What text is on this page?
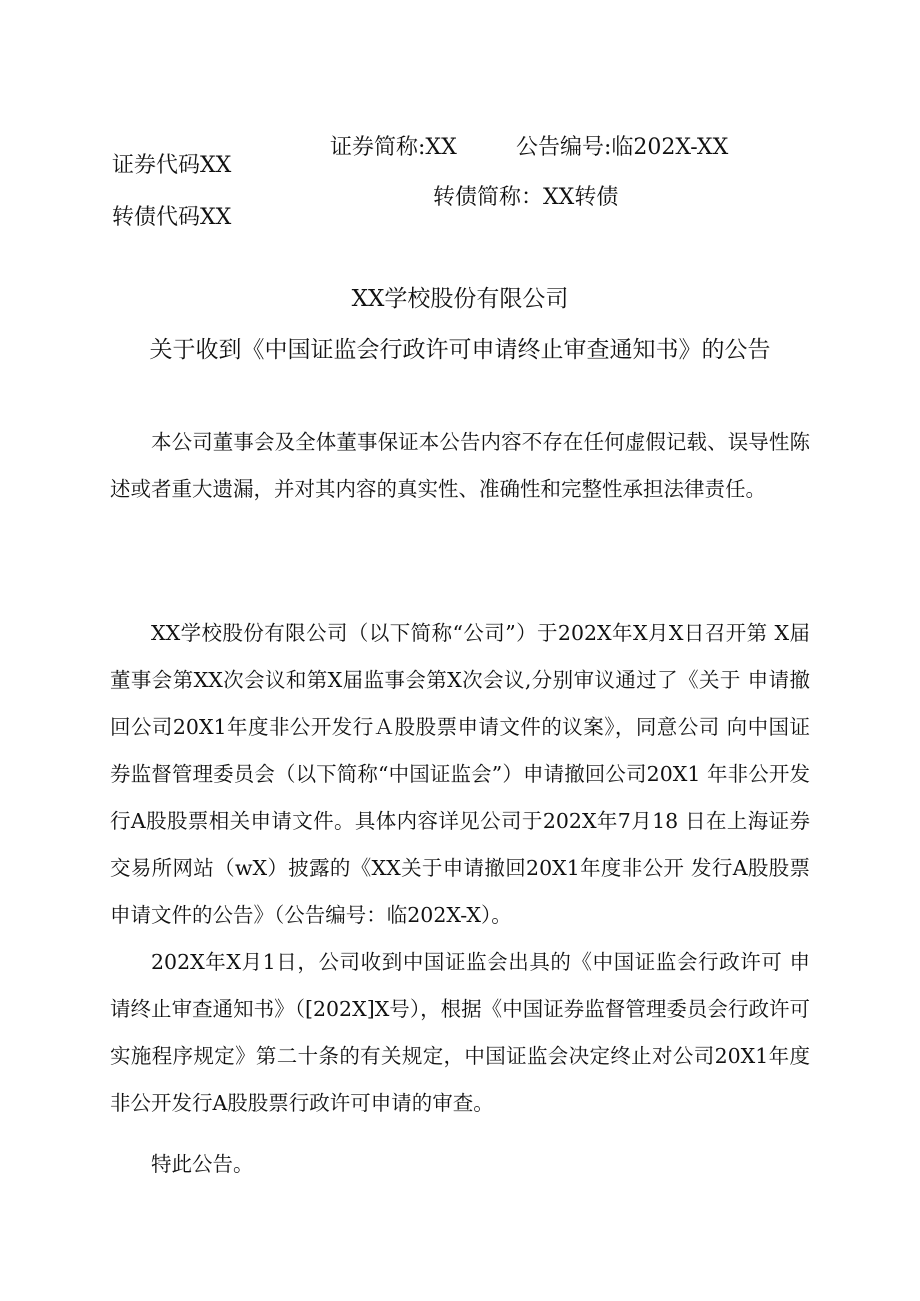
证券代码XX
转债代码XX
证券简称:XX	公告编号:临202X-XX
转债简称：XX转债
XX学校股份有限公司
关于收到《中国证监会行政许可申请终止审查通知书》的公告

本公司董事会及全体董事保证本公告内容不存在任何虚假记载、误导性陈述或者重大遗漏，并对其内容的真实性、准确性和完整性承担法律责任。

XX学校股份有限公司（以下简称“公司”）于202X年X月X日召开第 X届董事会第XX次会议和第X届监事会第X次会议,分别审议通过了《关于 申请撤回公司20X1年度非公开发行Ａ股股票申请文件的议案》，同意公司 向中国证券监督管理委员会（以下简称“中国证监会”）申请撤回公司20X1 年非公开发行A股股票相关申请文件。具体内容详见公司于202X年7月18 日在上海证券交易所网站（wX）披露的《XX关于申请撤回20X1年度非公开 发行A股股票申请文件的公告》（公告编号：临202X-X）。

202X年X月1日，公司收到中国证监会出具的《中国证监会行政许可 申请终止审查通知书》（[202X]X号），根据《中国证券监督管理委员会行政许可实施程序规定》第二十条的有关规定，中国证监会决定终止对公司20X1年度非公开发行A股股票行政许可申请的审查。

特此公告。
